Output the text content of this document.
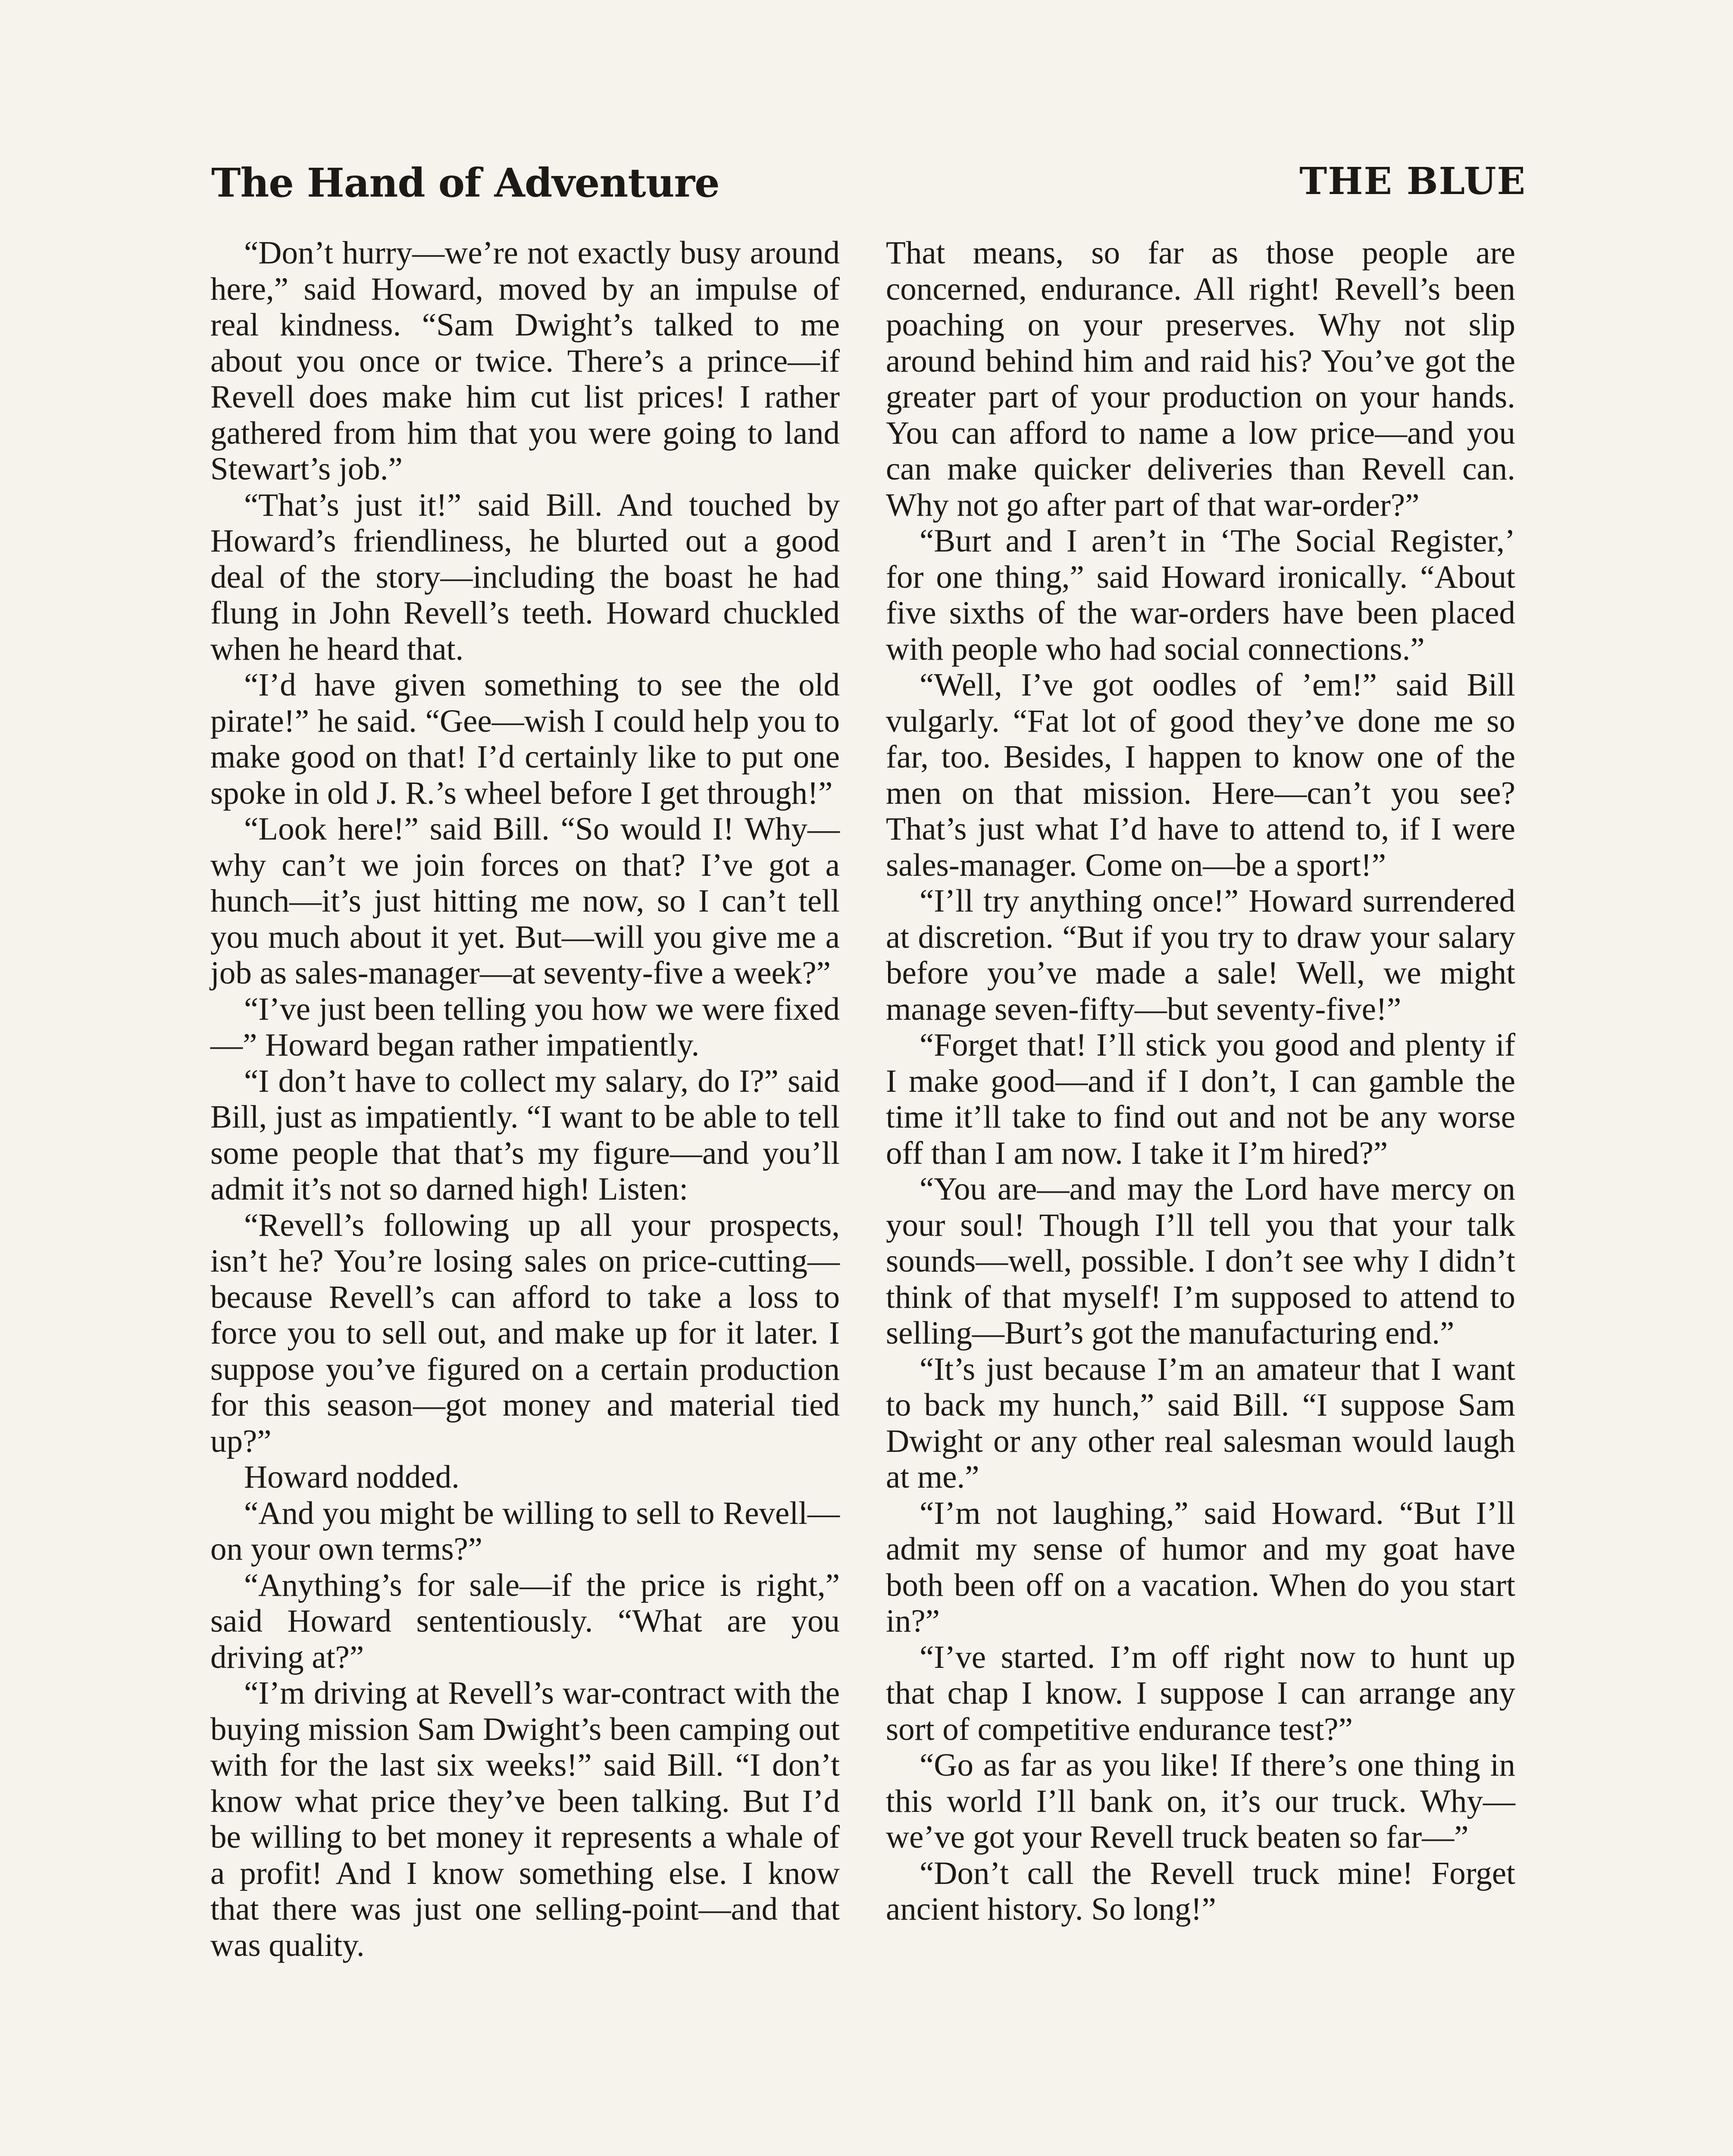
The Hand of Adventure	THE BLUE

“Don’t hurry—we’re not exactly busy around here,” said Howard, moved by an impulse of real kindness. “Sam Dwight’s talked to me about you once or twice. There’s a prince—if Revell does make him cut list prices! I rather gathered from him that you were going to land Stewart’s job.”

“That’s just it!” said Bill. And touched by Howard’s friendliness, he blurted out a good deal of the story—including the boast he had flung in John Revell’s teeth. Howard chuckled when he heard that.

“I’d have given something to see the old pirate!” he said. “Gee—wish I could help you to make good on that! I’d certainly like to put one spoke in old J. R.’s wheel before I get through!”

“Look here!” said Bill. “So would I! Why—why can’t we join forces on that? I’ve got a hunch—it’s just hitting me now, so I can’t tell you much about it yet. But—will you give me a job as sales-manager—at seventy-five a week?”

“I’ve just been telling you how we were fixed—” Howard began rather impatiently.

“I don’t have to collect my salary, do I?” said Bill, just as impatiently. “I want to be able to tell some people that that’s my figure—and you’ll admit it’s not so darned high! Listen:

“Revell’s following up all your prospects, isn’t he? You’re losing sales on price-cutting—because Revell’s can afford to take a loss to force you to sell out, and make up for it later. I suppose you’ve figured on a certain production for this season—got money and material tied up?”

Howard nodded.

“And you might be willing to sell to Revell—on your own terms?”

“Anything’s for sale—if the price is right,” said Howard sententiously. “What are you driving at?”

“I’m driving at Revell’s war-contract with the buying mission Sam Dwight’s been camping out with for the last six weeks!” said Bill. “I don’t know what price they’ve been talking. But I’d be willing to bet money it represents a whale of a profit! And I know something else. I know that there was just one selling-point—and that was quality.

That means, so far as those people are concerned, endurance. All right! Revell’s been poaching on your preserves. Why not slip around behind him and raid his? You’ve got the greater part of your production on your hands. You can afford to name a low price—and you can make quicker deliveries than Revell can. Why not go after part of that war-order?”

“Burt and I aren’t in ‘The Social Register,’ for one thing,” said Howard ironically. “About five sixths of the war-orders have been placed with people who had social connections.”

“Well, I’ve got oodles of ’em!” said Bill vulgarly. “Fat lot of good they’ve done me so far, too. Besides, I happen to know one of the men on that mission. Here—can’t you see? That’s just what I’d have to attend to, if I were sales-manager. Come on—be a sport!”

“I’ll try anything once!” Howard surrendered at discretion. “But if you try to draw your salary before you’ve made a sale! Well, we might manage seven-fifty—but seventy-five!”

“Forget that! I’ll stick you good and plenty if I make good—and if I don’t, I can gamble the time it’ll take to find out and not be any worse off than I am now. I take it I’m hired?”

“You are—and may the Lord have mercy on your soul! Though I’ll tell you that your talk sounds—well, possible. I don’t see why I didn’t think of that myself! I’m supposed to attend to selling—Burt’s got the manufacturing end.”

“It’s just because I’m an amateur that I want to back my hunch,” said Bill. “I suppose Sam Dwight or any other real salesman would laugh at me.”

“I’m not laughing,” said Howard. “But I’ll admit my sense of humor and my goat have both been off on a vacation. When do you start in?”

“I’ve started. I’m off right now to hunt up that chap I know. I suppose I can arrange any sort of competitive endurance test?”

“Go as far as you like! If there’s one thing in this world I’ll bank on, it’s our truck. Why—we’ve got your Revell truck beaten so far—”

“Don’t call the Revell truck mine! Forget ancient history. So long!”
